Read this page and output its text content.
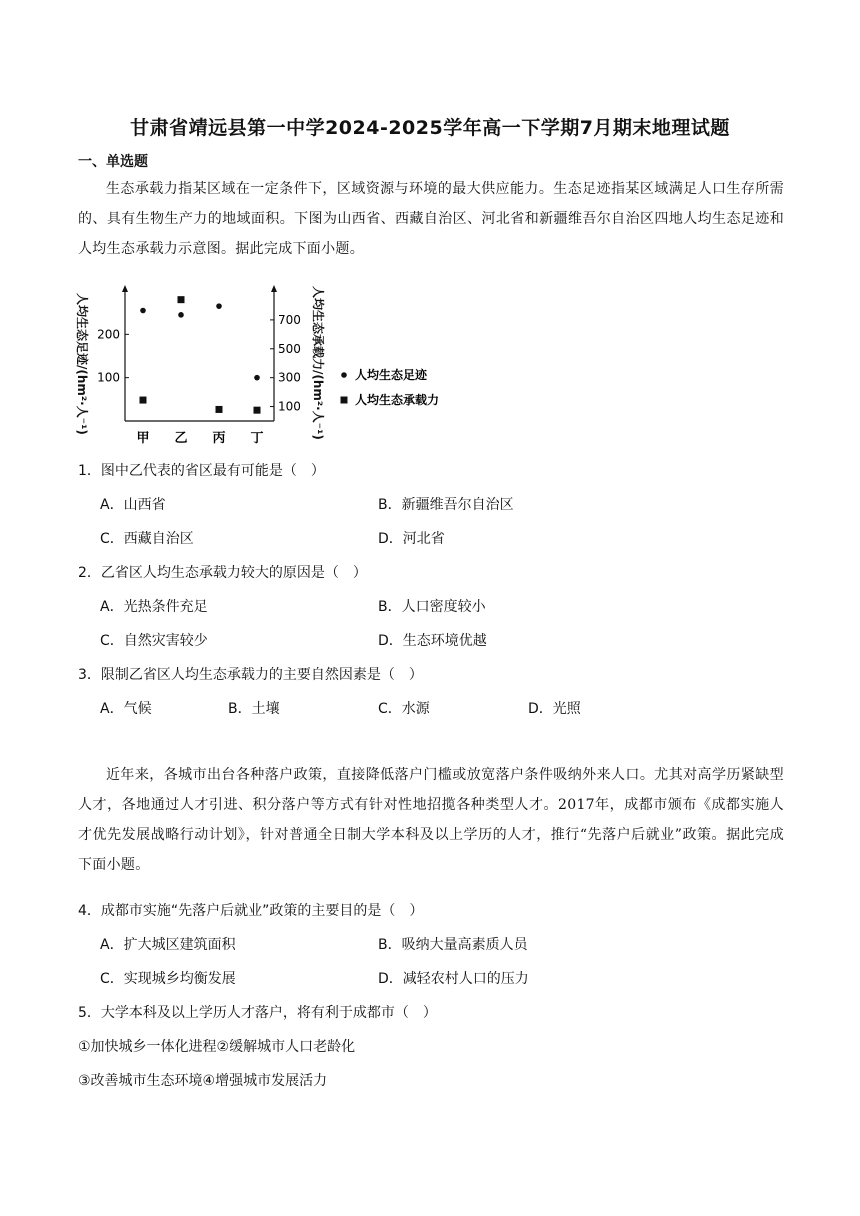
甘肃省靖远县第一中学2024-2025学年高一下学期7月期末地理试题
一、单选题
生态承载力指某区域在一定条件下，区域资源与环境的最大供应能力。生态足迹指某区域满足人口生存所需的、具有生物生产力的地域面积。下图为山西省、西藏自治区、河北省和新疆维吾尔自治区四地人均生态足迹和人均生态承载力示意图。据此完成下面小题。
100
200
100
300
500
700
甲 乙 丙 丁
人均生态足迹/(hm²·人⁻¹)	人均生态承载力/(hm²·人⁻¹)	人均生态足迹
人均生态承载力
1．图中乙代表的省区最有可能是（　）
A．山西省	B．新疆维吾尔自治区
C．西藏自治区	D．河北省
2．乙省区人均生态承载力较大的原因是（　）
A．光热条件充足	B．人口密度较小
C．自然灾害较少	D．生态环境优越
3．限制乙省区人均生态承载力的主要自然因素是（　）
A．气候	B．土壤	C．水源	D．光照
近年来，各城市出台各种落户政策，直接降低落户门槛或放宽落户条件吸纳外来人口。尤其对高学历紧缺型人才，各地通过人才引进、积分落户等方式有针对性地招揽各种类型人才。2017年，成都市颁布《成都实施人才优先发展战略行动计划》，针对普通全日制大学本科及以上学历的人才，推行“先落户后就业”政策。据此完成下面小题。
4．成都市实施“先落户后就业”政策的主要目的是（　）
A．扩大城区建筑面积	B．吸纳大量高素质人员
C．实现城乡均衡发展	D．减轻农村人口的压力
5．大学本科及以上学历人才落户，将有利于成都市（　）
①加快城乡一体化进程②缓解城市人口老龄化
③改善城市生态环境④增强城市发展活力
